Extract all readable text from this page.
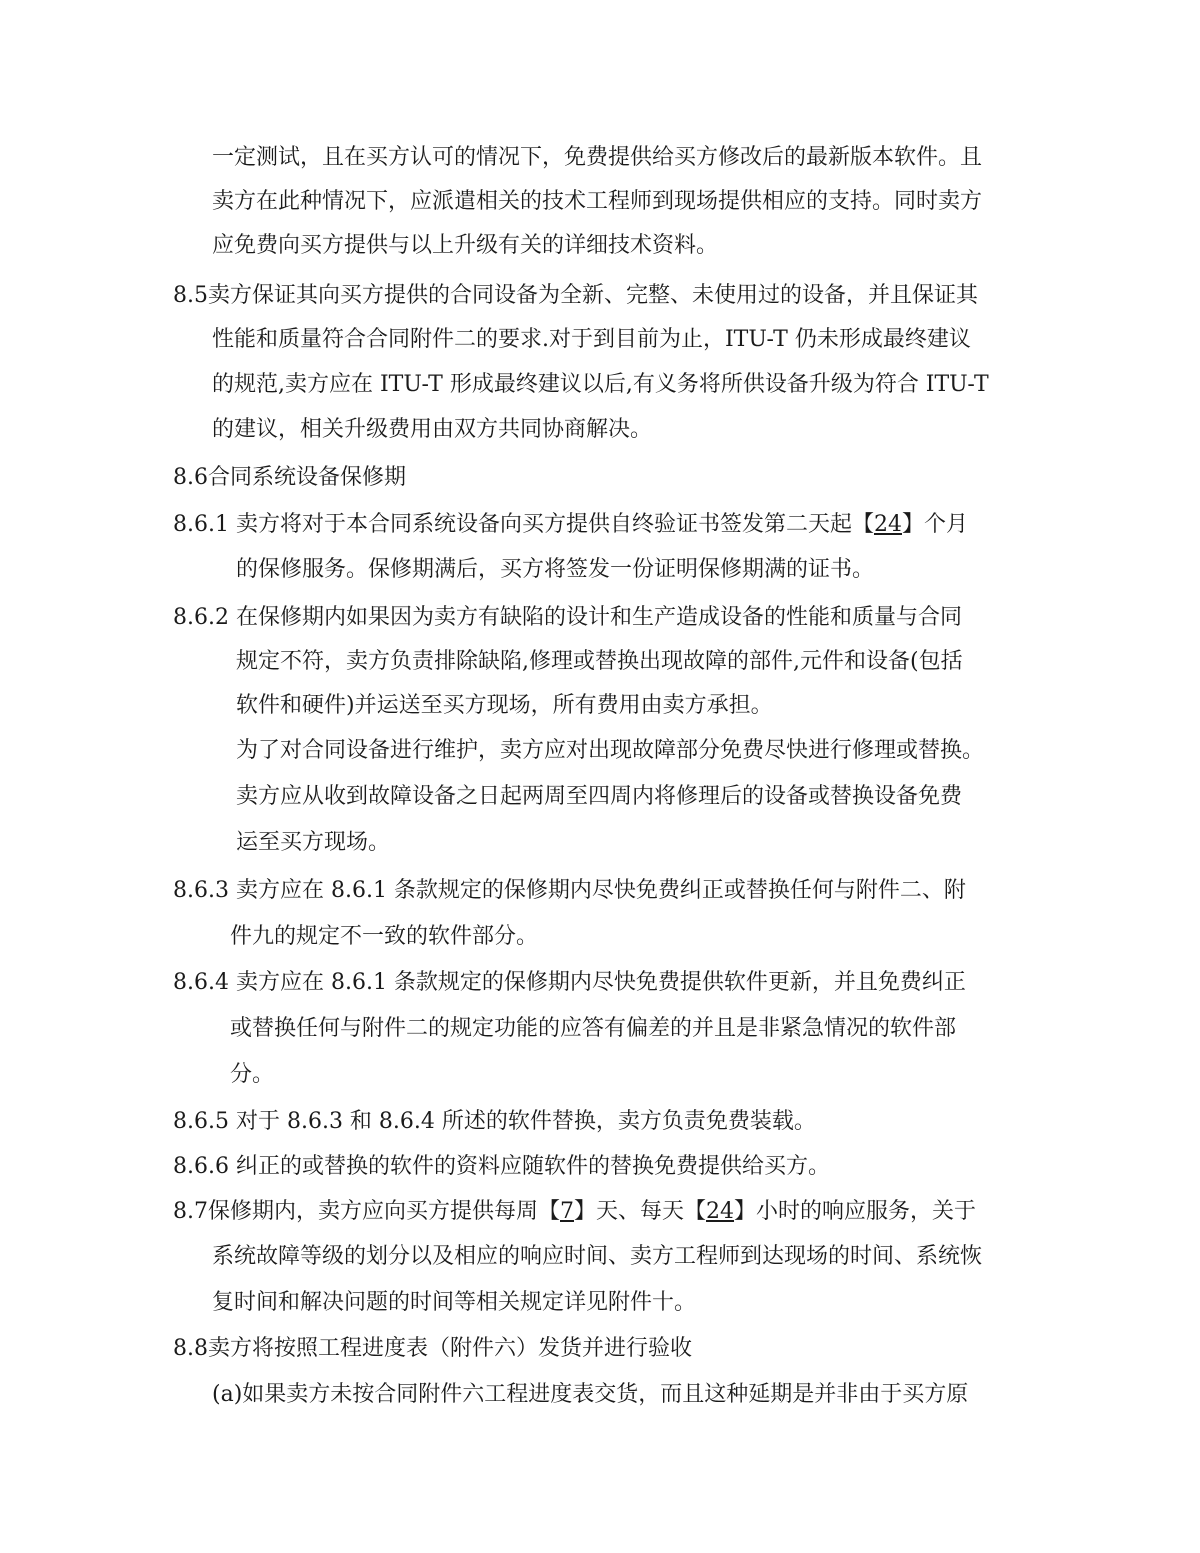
一定测试，且在买方认可的情况下，免费提供给买方修改后的最新版本软件。且
卖方在此种情况下，应派遣相关的技术工程师到现场提供相应的支持。同时卖方
应免费向买方提供与以上升级有关的详细技术资料。
8.5卖方保证其向买方提供的合同设备为全新、完整、未使用过的设备，并且保证其
性能和质量符合合同附件二的要求.对于到目前为止，ITU-T 仍未形成最终建议
的规范,卖方应在 ITU-T 形成最终建议以后,有义务将所供设备升级为符合 ITU-T
的建议，相关升级费用由双方共同协商解决。
8.6合同系统设备保修期
8.6.1 卖方将对于本合同系统设备向买方提供自终验证书签发第二天起【24】个月
的保修服务。保修期满后，买方将签发一份证明保修期满的证书。
8.6.2 在保修期内如果因为卖方有缺陷的设计和生产造成设备的性能和质量与合同
规定不符，卖方负责排除缺陷,修理或替换出现故障的部件,元件和设备(包括
软件和硬件)并运送至买方现场，所有费用由卖方承担。
为了对合同设备进行维护，卖方应对出现故障部分免费尽快进行修理或替换。
卖方应从收到故障设备之日起两周至四周内将修理后的设备或替换设备免费
运至买方现场。
8.6.3 卖方应在 8.6.1 条款规定的保修期内尽快免费纠正或替换任何与附件二、附
件九的规定不一致的软件部分。
8.6.4 卖方应在 8.6.1 条款规定的保修期内尽快免费提供软件更新，并且免费纠正
或替换任何与附件二的规定功能的应答有偏差的并且是非紧急情况的软件部
分。
8.6.5 对于 8.6.3 和 8.6.4 所述的软件替换，卖方负责免费装载。
8.6.6 纠正的或替换的软件的资料应随软件的替换免费提供给买方。
8.7保修期内，卖方应向买方提供每周【7】天、每天【24】小时的响应服务，关于
系统故障等级的划分以及相应的响应时间、卖方工程师到达现场的时间、系统恢
复时间和解决问题的时间等相关规定详见附件十。
8.8卖方将按照工程进度表（附件六）发货并进行验收
(a)如果卖方未按合同附件六工程进度表交货，而且这种延期是并非由于买方原
